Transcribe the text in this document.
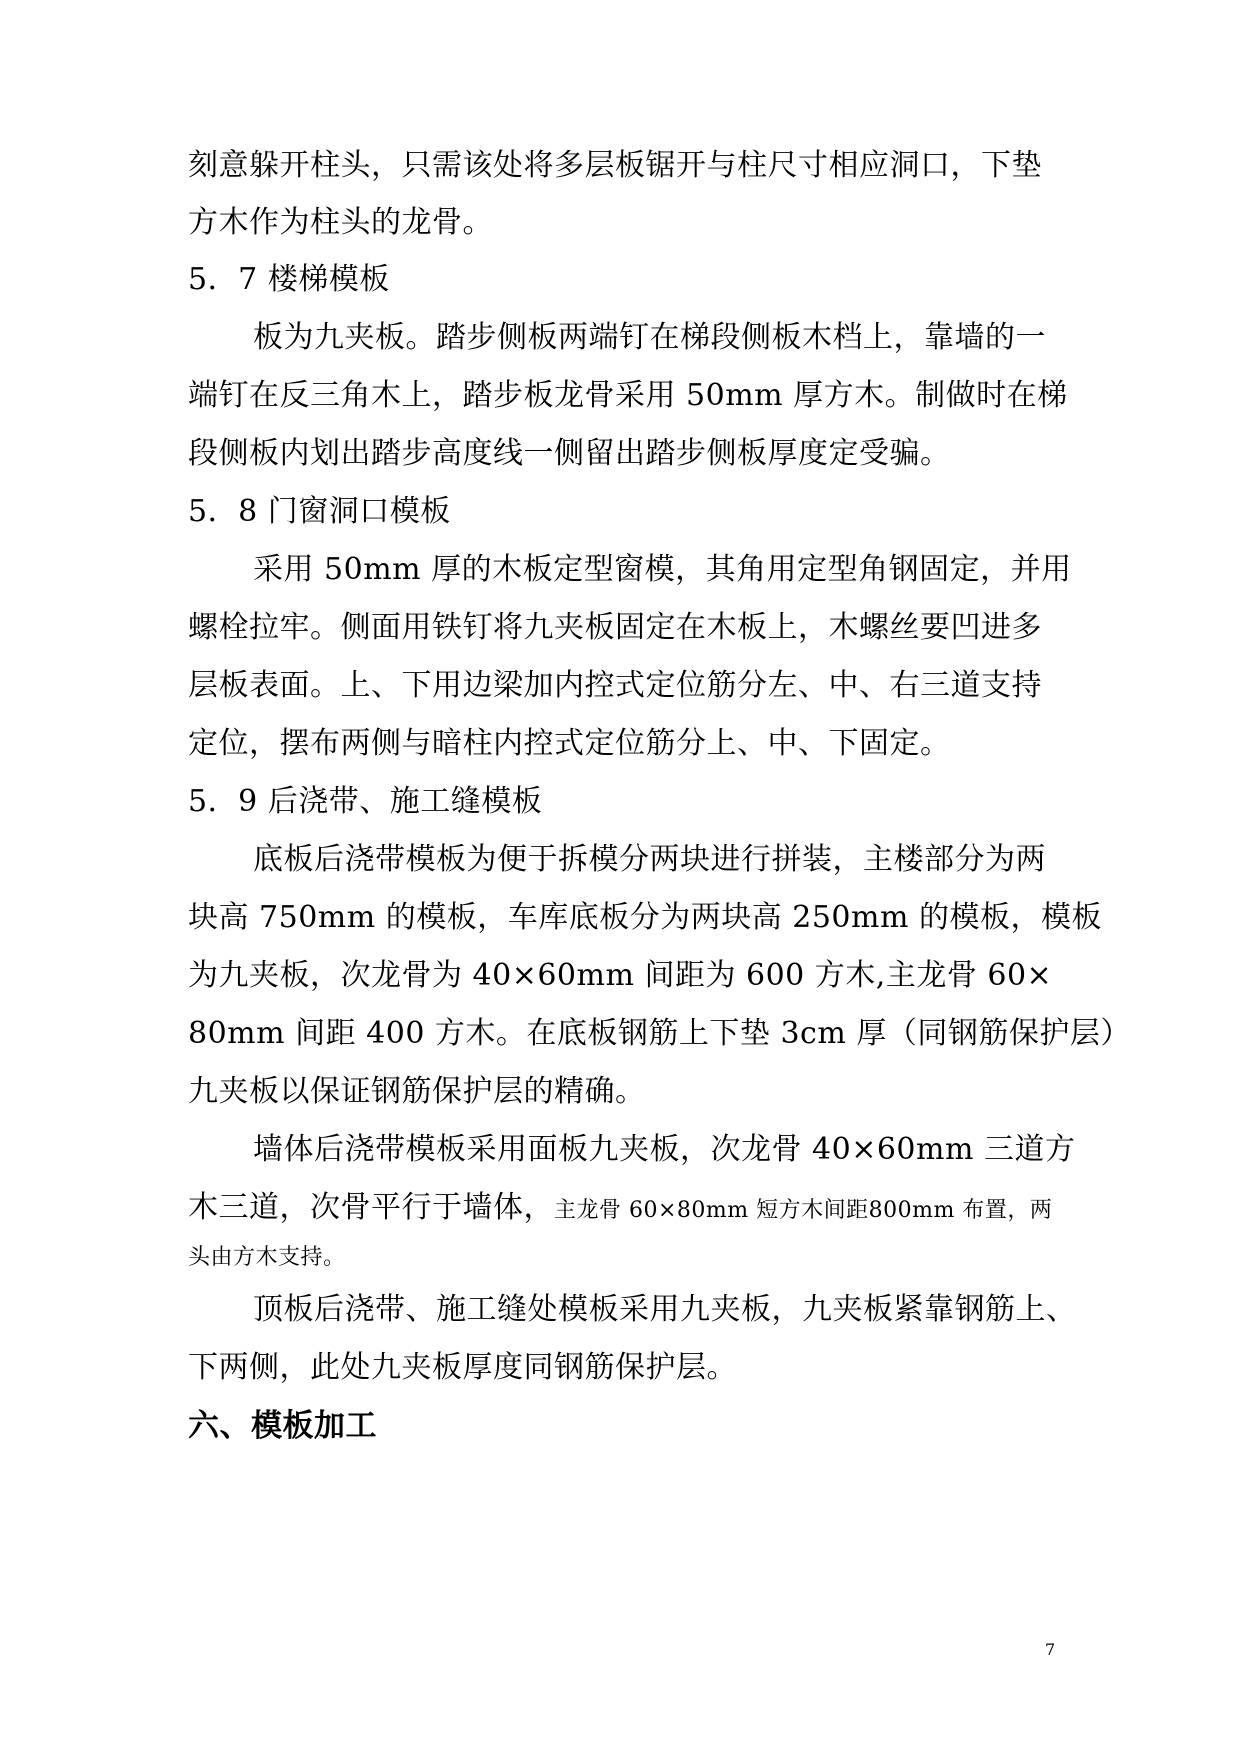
刻意躲开柱头，只需该处将多层板锯开与柱尺寸相应洞口，下垫
方木作为柱头的龙骨。
5．7 楼梯模板
板为九夹板。踏步侧板两端钉在梯段侧板木档上，靠墙的一
端钉在反三角木上，踏步板龙骨采用 50mm 厚方木。制做时在梯
段侧板内划出踏步高度线一侧留出踏步侧板厚度定受骗。
5．8 门窗洞口模板
采用 50mm 厚的木板定型窗模，其角用定型角钢固定，并用
螺栓拉牢。侧面用铁钉将九夹板固定在木板上，木螺丝要凹进多
层板表面。上、下用边梁加内控式定位筋分左、中、右三道支持
定位，摆布两侧与暗柱内控式定位筋分上、中、下固定。
5．9 后浇带、施工缝模板
底板后浇带模板为便于拆模分两块进行拼装，主楼部分为两
块高 750mm 的模板，车库底板分为两块高 250mm 的模板，模板
为九夹板，次龙骨为 40×60mm 间距为 600 方木,主龙骨 60×
80mm 间距 400 方木。在底板钢筋上下垫 3cm 厚（同钢筋保护层）
九夹板以保证钢筋保护层的精确。
墙体后浇带模板采用面板九夹板，次龙骨 40×60mm 三道方
木三道，次骨平行于墙体，主龙骨 60×80mm 短方木间距800mm 布置，两
头由方木支持。
顶板后浇带、施工缝处模板采用九夹板，九夹板紧靠钢筋上、
下两侧，此处九夹板厚度同钢筋保护层。
六、模板加工
7
